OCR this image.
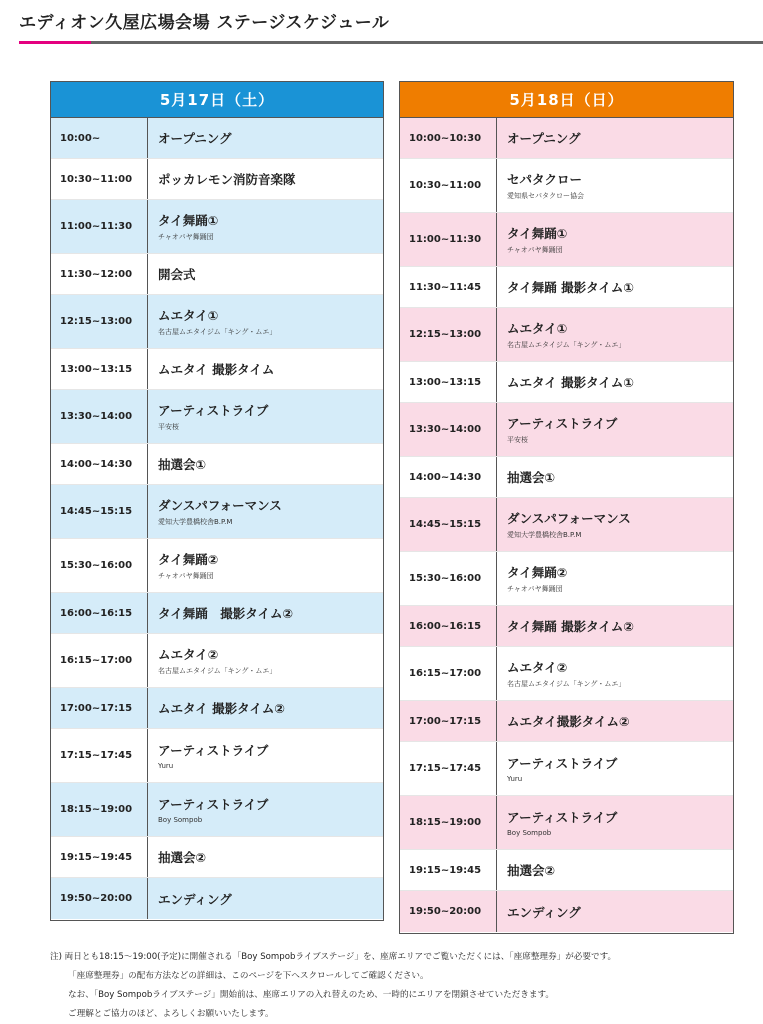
エディオン久屋広場会場 ステージスケジュール
5月17日（土）
10:00~	オープニング
10:30~11:00	ポッカレモン消防音楽隊
11:00~11:30	タイ舞踊①
チャオパヤ舞踊団
11:30~12:00	開会式
12:15~13:00	ムエタイ①
名古屋ムエタイジム「キング・ムエ」
13:00~13:15	ムエタイ 撮影タイム
13:30~14:00	アーティストライブ
平安桜
14:00~14:30	抽選会①
14:45~15:15	ダンスパフォーマンス
愛知大学豊橋校舎B.P.M
15:30~16:00	タイ舞踊②
チャオパヤ舞踊団
16:00~16:15	タイ舞踊　撮影タイム②
16:15~17:00	ムエタイ②
名古屋ムエタイジム「キング・ムエ」
17:00~17:15	ムエタイ 撮影タイム②
17:15~17:45	アーティストライブ
Yuru
18:15~19:00	アーティストライブ
Boy Sompob
19:15~19:45	抽選会②
19:50~20:00	エンディング
5月18日（日）
10:00~10:30	オープニング
10:30~11:00	セパタクロー
愛知県セパタクロー協会
11:00~11:30	タイ舞踊①
チャオパヤ舞踊団
11:30~11:45	タイ舞踊 撮影タイム①
12:15~13:00	ムエタイ①
名古屋ムエタイジム「キング・ムエ」
13:00~13:15	ムエタイ 撮影タイム①
13:30~14:00	アーティストライブ
平安桜
14:00~14:30	抽選会①
14:45~15:15	ダンスパフォーマンス
愛知大学豊橋校舎B.P.M
15:30~16:00	タイ舞踊②
チャオパヤ舞踊団
16:00~16:15	タイ舞踊 撮影タイム②
16:15~17:00	ムエタイ②
名古屋ムエタイジム「キング・ムエ」
17:00~17:15	ムエタイ撮影タイム②
17:15~17:45	アーティストライブ
Yuru
18:15~19:00	アーティストライブ
Boy Sompob
19:15~19:45	抽選会②
19:50~20:00	エンディング
注) 両日とも18:15～19:00(予定)に開催される「Boy Sompobライブステージ」を、座席エリアでご覧いただくには、「座席整理券」が必要です。
「座席整理券」の配布方法などの詳細は、このページを下へスクロールしてご確認ください。
なお、「Boy Sompobライブステージ」開始前は、座席エリアの入れ替えのため、一時的にエリアを閉鎖させていただきます。
ご理解とご協力のほど、よろしくお願いいたします。
